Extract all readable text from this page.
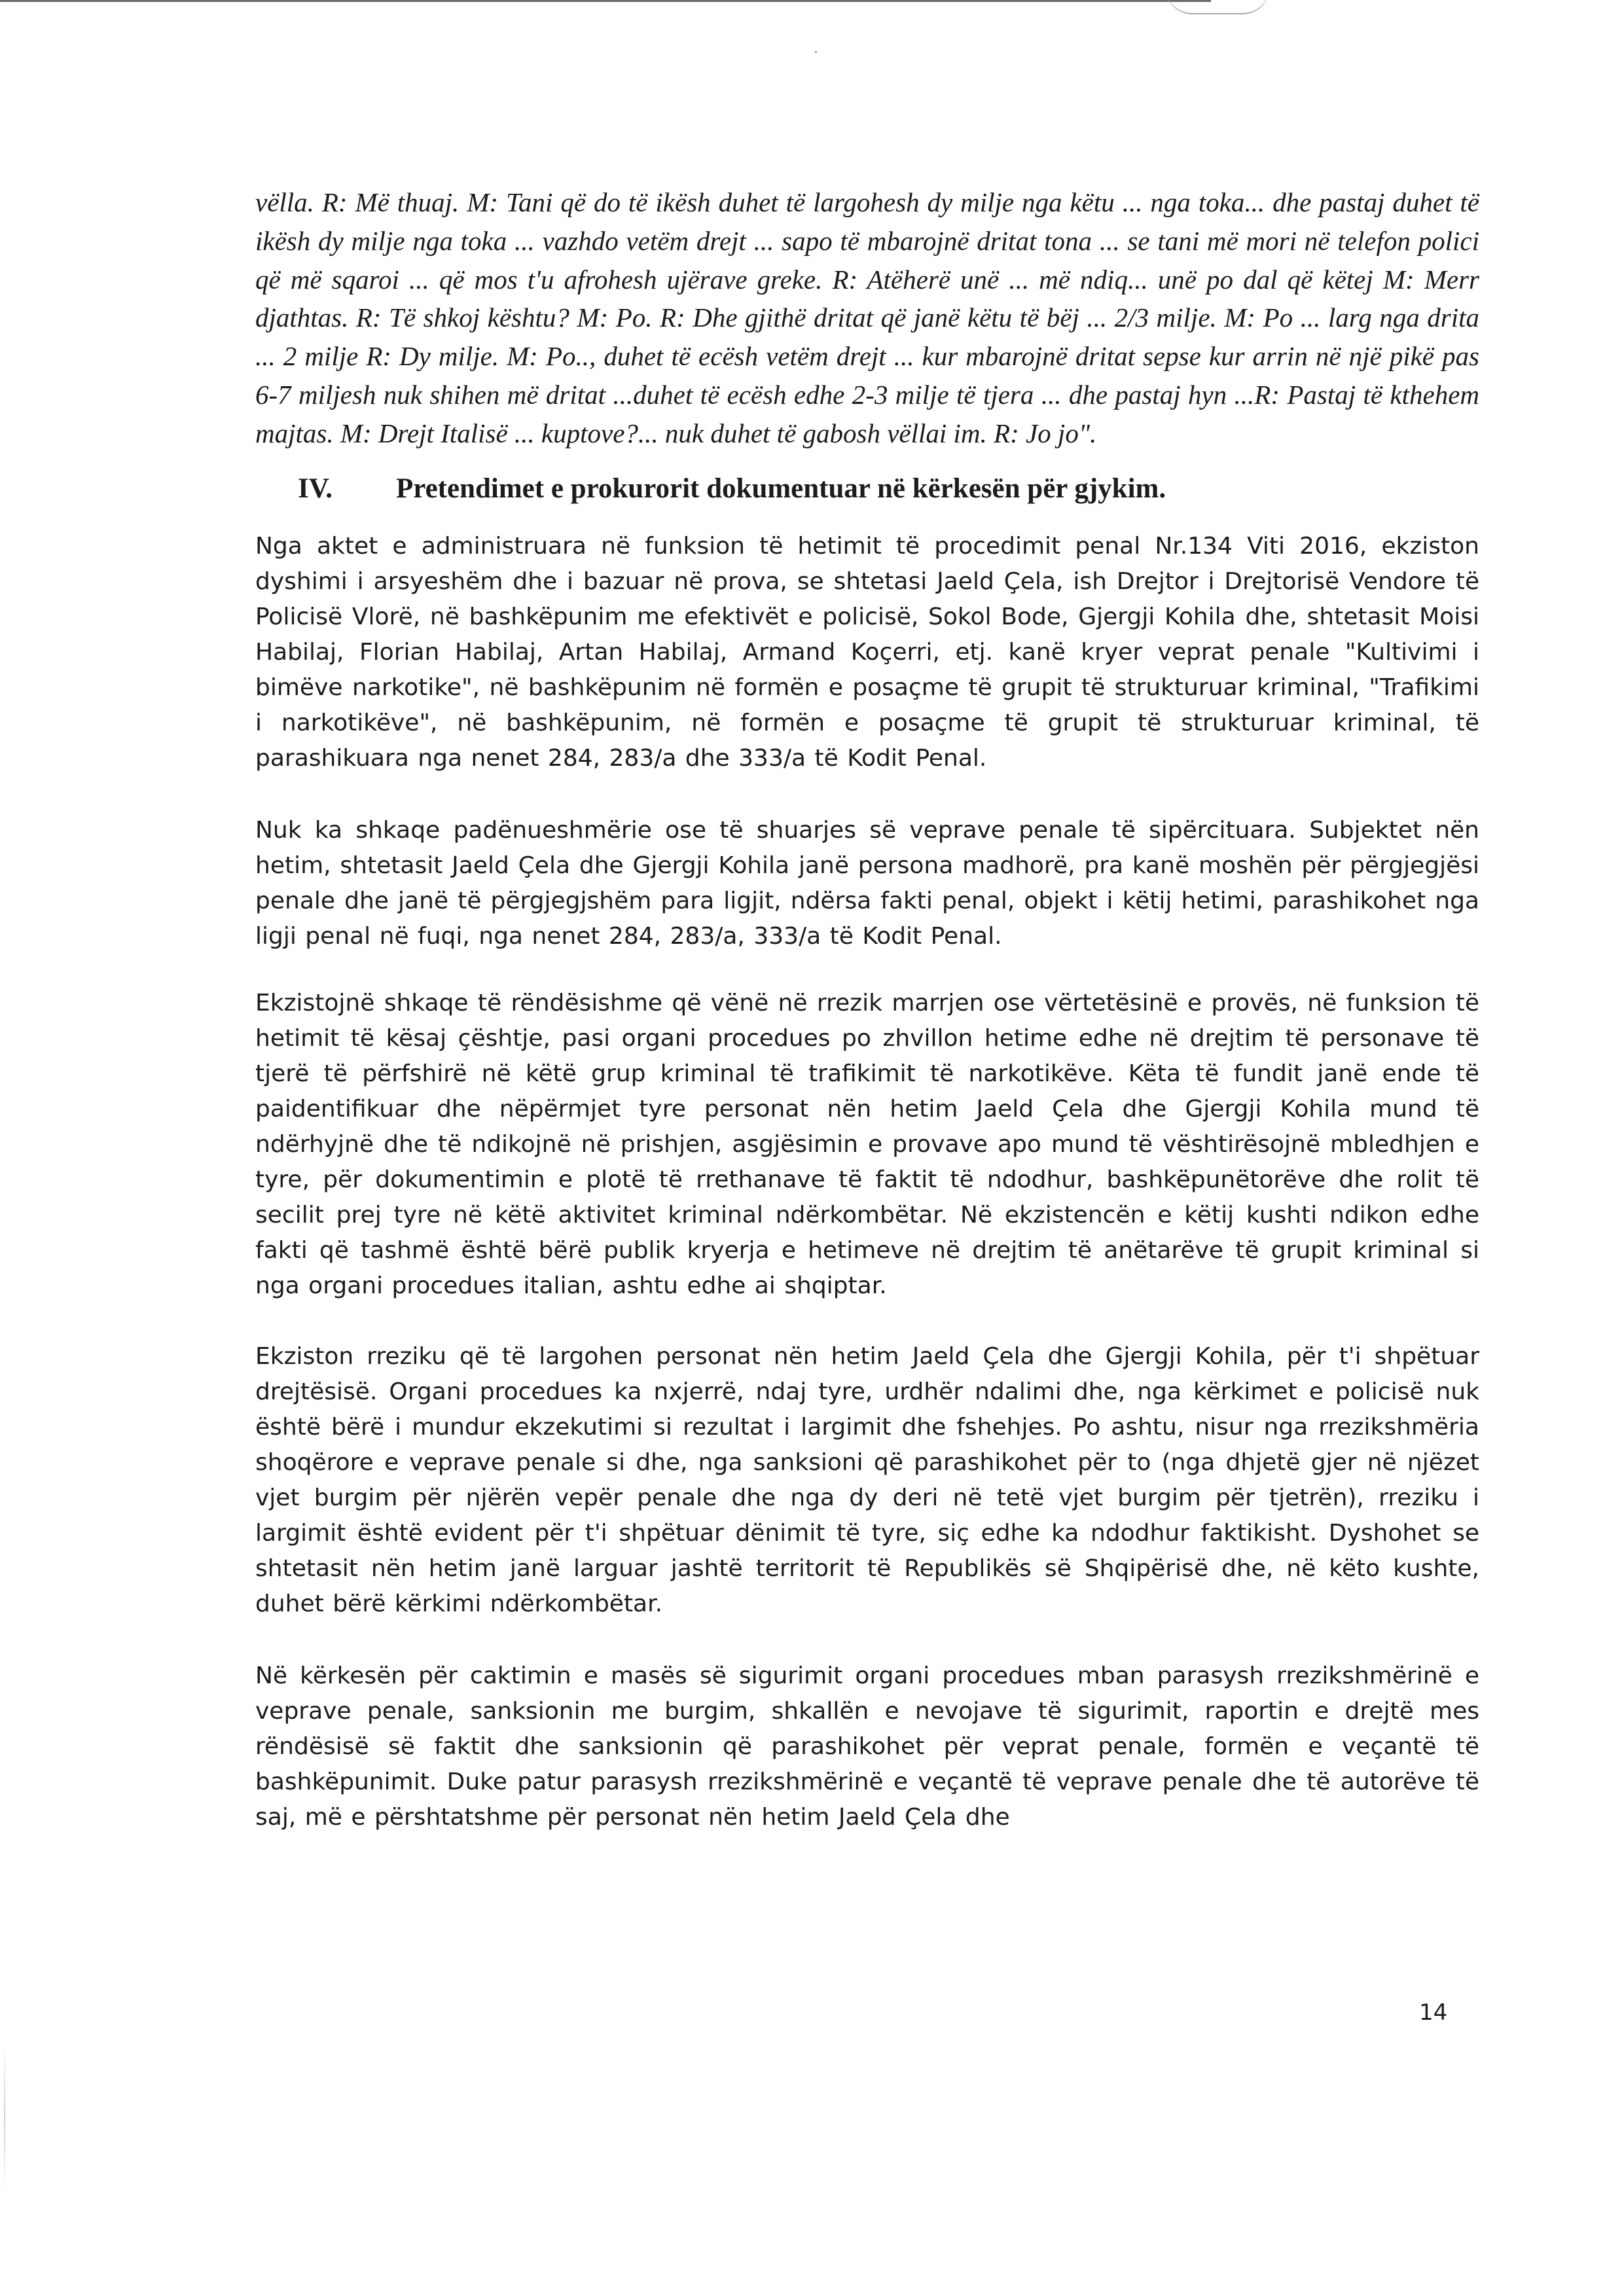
vëlla. R: Më thuaj. M: Tani që do të ikësh duhet të largohesh dy milje nga këtu ... nga toka... dhe pastaj duhet të ikësh dy milje nga toka ... vazhdo vetëm drejt ... sapo të mbarojnë dritat tona ... se tani më mori në telefon polici që më sqaroi ... që mos t'u afrohesh ujërave greke. R: Atëherë unë ... më ndiq... unë po dal që këtej M: Merr djathtas. R: Të shkoj kështu? M: Po. R: Dhe gjithë dritat që janë këtu të bëj ... 2/3 milje. M: Po ... larg nga drita ... 2 milje R: Dy milje. M: Po.., duhet të ecësh vetëm drejt ... kur mbarojnë dritat sepse kur arrin në një pikë pas 6-7 miljesh nuk shihen më dritat ...duhet të ecësh edhe 2-3 milje të tjera ... dhe pastaj hyn ...R: Pastaj të kthehem majtas. M: Drejt Italisë ... kuptove?... nuk duhet të gabosh vëllai im. R: Jo jo".

IV.	Pretendimet e prokurorit dokumentuar në kërkesën për gjykim.

Nga aktet e administruara në funksion të hetimit të procedimit penal Nr.134 Viti 2016, ekziston dyshimi i arsyeshëm dhe i bazuar në prova, se shtetasi Jaeld Çela, ish Drejtor i Drejtorisë Vendore të Policisë Vlorë, në bashkëpunim me efektivët e policisë, Sokol Bode, Gjergji Kohila dhe, shtetasit Moisi Habilaj, Florian Habilaj, Artan Habilaj, Armand Koçerri, etj. kanë kryer veprat penale "Kultivimi i bimëve narkotike", në bashkëpunim në formën e posaçme të grupit të strukturuar kriminal, "Trafikimi i narkotikëve", në bashkëpunim, në formën e posaçme të grupit të strukturuar kriminal, të parashikuara nga nenet 284, 283/a dhe 333/a të Kodit Penal.

Nuk ka shkaqe padënueshmërie ose të shuarjes së veprave penale të sipërcituara. Subjektet nën hetim, shtetasit Jaeld Çela dhe Gjergji Kohila janë persona madhorë, pra kanë moshën për përgjegjësi penale dhe janë të përgjegjshëm para ligjit, ndërsa fakti penal, objekt i këtij hetimi, parashikohet nga ligji penal në fuqi, nga nenet 284, 283/a, 333/a të Kodit Penal.

Ekzistojnë shkaqe të rëndësishme që vënë në rrezik marrjen ose vërtetësinë e provës, në funksion të hetimit të kësaj çështje, pasi organi procedues po zhvillon hetime edhe në drejtim të personave të tjerë të përfshirë në këtë grup kriminal të trafikimit të narkotikëve. Këta të fundit janë ende të paidentifikuar dhe nëpërmjet tyre personat nën hetim Jaeld Çela dhe Gjergji Kohila mund të ndërhyjnë dhe të ndikojnë në prishjen, asgjësimin e provave apo mund të vështirësojnë mbledhjen e tyre, për dokumentimin e plotë të rrethanave të faktit të ndodhur, bashkëpunëtorëve dhe rolit të secilit prej tyre në këtë aktivitet kriminal ndërkombëtar. Në ekzistencën e këtij kushti ndikon edhe fakti që tashmë është bërë publik kryerja e hetimeve në drejtim të anëtarëve të grupit kriminal si nga organi procedues italian, ashtu edhe ai shqiptar.

Ekziston rreziku që të largohen personat nën hetim Jaeld Çela dhe Gjergji Kohila, për t'i shpëtuar drejtësisë. Organi procedues ka nxjerrë, ndaj tyre, urdhër ndalimi dhe, nga kërkimet e policisë nuk është bërë i mundur ekzekutimi si rezultat i largimit dhe fshehjes. Po ashtu, nisur nga rrezikshmëria shoqërore e veprave penale si dhe, nga sanksioni që parashikohet për to (nga dhjetë gjer në njëzet vjet burgim për njërën vepër penale dhe nga dy deri në tetë vjet burgim për tjetrën), rreziku i largimit është evident për t'i shpëtuar dënimit të tyre, siç edhe ka ndodhur faktikisht. Dyshohet se shtetasit nën hetim janë larguar jashtë territorit të Republikës së Shqipërisë dhe, në këto kushte, duhet bërë kërkimi ndërkombëtar.

Në kërkesën për caktimin e masës së sigurimit organi procedues mban parasysh rrezikshmërinë e veprave penale, sanksionin me burgim, shkallën e nevojave të sigurimit, raportin e drejtë mes rëndësisë së faktit dhe sanksionin që parashikohet për veprat penale, formën e veçantë të bashkëpunimit. Duke patur parasysh rrezikshmërinë e veçantë të veprave penale dhe të autorëve të saj, më e përshtatshme për personat nën hetim Jaeld Çela dhe

14
